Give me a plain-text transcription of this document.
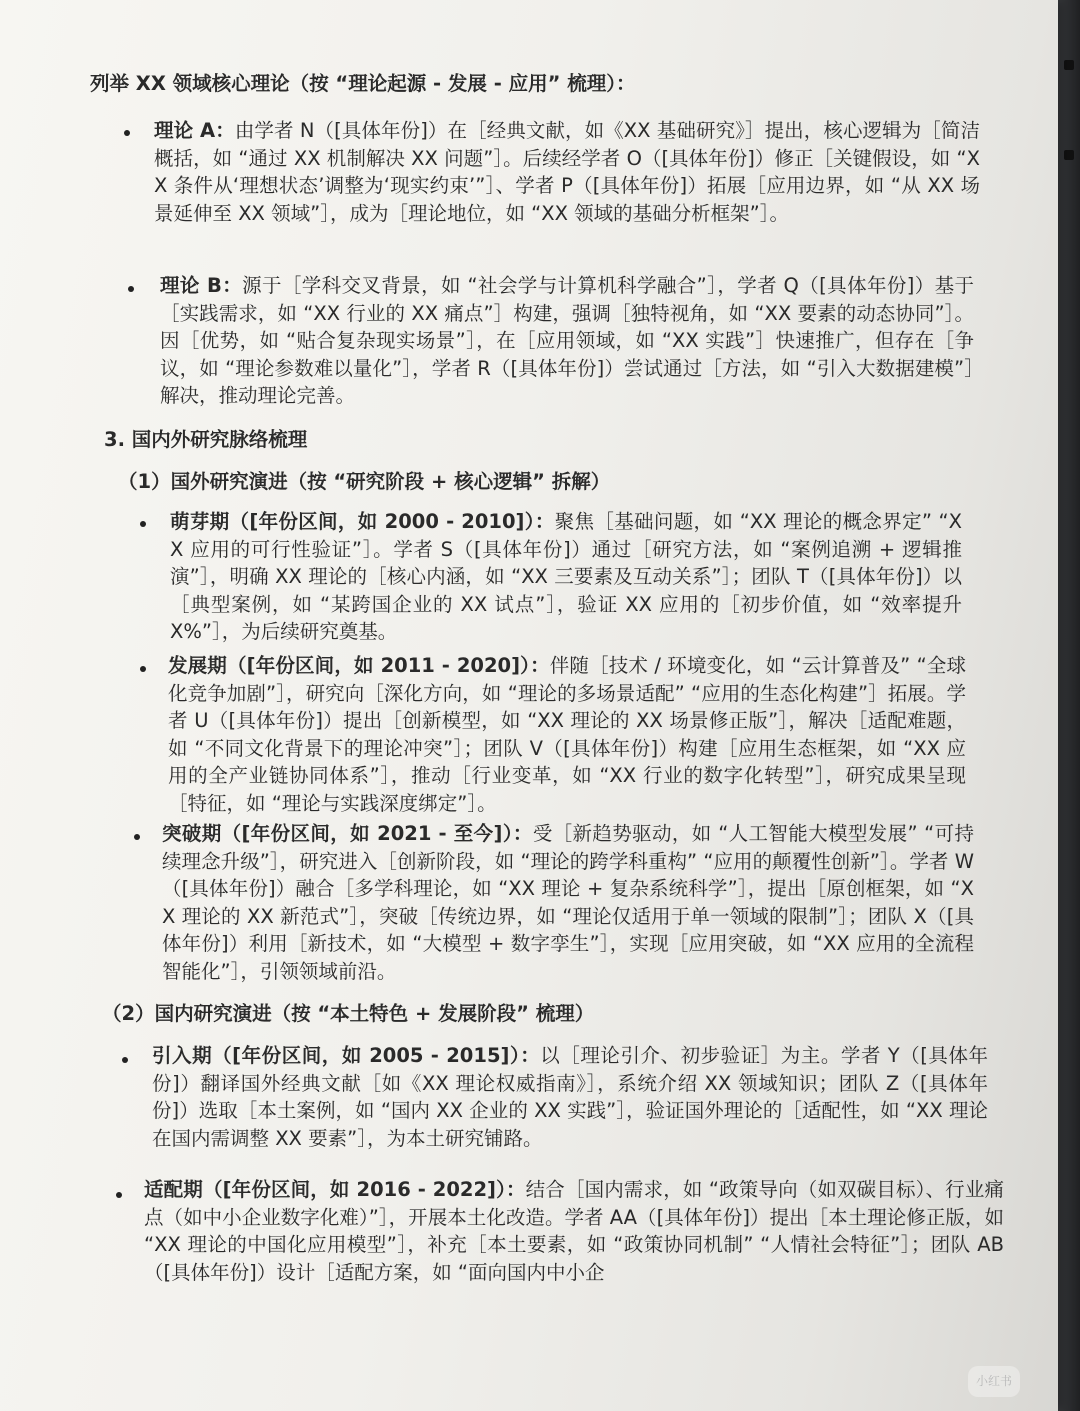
列举 XX 领域核心理论（按 “理论起源 - 发展 - 应用” 梳理）：
理论 A：由学者 N（[具体年份]）在［经典文献，如《XX 基础研究》］提出，核心逻辑为［简洁概括，如 “通过 XX 机制解决 XX 问题”］。后续经学者 O（[具体年份]）修正［关键假设，如 “XX 条件从‘理想状态’调整为‘现实约束’”］、学者 P（[具体年份]）拓展［应用边界，如 “从 XX 场景延伸至 XX 领域”］，成为［理论地位，如 “XX 领域的基础分析框架”］。
理论 B：源于［学科交叉背景，如 “社会学与计算机科学融合”］，学者 Q（[具体年份]）基于［实践需求，如 “XX 行业的 XX 痛点”］构建，强调［独特视角，如 “XX 要素的动态协同”］。因［优势，如 “贴合复杂现实场景”］，在［应用领域，如 “XX 实践”］快速推广，但存在［争议，如 “理论参数难以量化”］，学者 R（[具体年份]）尝试通过［方法，如 “引入大数据建模”］解决，推动理论完善。
3. 国内外研究脉络梳理
（1）国外研究演进（按 “研究阶段 + 核心逻辑” 拆解）
萌芽期（[年份区间，如 2000 - 2010]）：聚焦［基础问题，如 “XX 理论的概念界定” “XX 应用的可行性验证”］。学者 S（[具体年份]）通过［研究方法，如 “案例追溯 + 逻辑推演”］，明确 XX 理论的［核心内涵，如 “XX 三要素及互动关系”］；团队 T（[具体年份]）以［典型案例，如 “某跨国企业的 XX 试点”］，验证 XX 应用的［初步价值，如 “效率提升 X%”］，为后续研究奠基。
发展期（[年份区间，如 2011 - 2020]）：伴随［技术 / 环境变化，如 “云计算普及” “全球化竞争加剧”］，研究向［深化方向，如 “理论的多场景适配” “应用的生态化构建”］拓展。学者 U（[具体年份]）提出［创新模型，如 “XX 理论的 XX 场景修正版”］，解决［适配难题，如 “不同文化背景下的理论冲突”］；团队 V（[具体年份]）构建［应用生态框架，如 “XX 应用的全产业链协同体系”］，推动［行业变革，如 “XX 行业的数字化转型”］，研究成果呈现［特征，如 “理论与实践深度绑定”］。
突破期（[年份区间，如 2021 - 至今]）：受［新趋势驱动，如 “人工智能大模型发展” “可持续理念升级”］，研究进入［创新阶段，如 “理论的跨学科重构” “应用的颠覆性创新”］。学者 W（[具体年份]）融合［多学科理论，如 “XX 理论 + 复杂系统科学”］，提出［原创框架，如 “XX 理论的 XX 新范式”］，突破［传统边界，如 “理论仅适用于单一领域的限制”］；团队 X（[具体年份]）利用［新技术，如 “大模型 + 数字孪生”］，实现［应用突破，如 “XX 应用的全流程智能化”］，引领领域前沿。
（2）国内研究演进（按 “本土特色 + 发展阶段” 梳理）
引入期（[年份区间，如 2005 - 2015]）：以［理论引介、初步验证］为主。学者 Y（[具体年份]）翻译国外经典文献［如《XX 理论权威指南》］，系统介绍 XX 领域知识；团队 Z（[具体年份]）选取［本土案例，如 “国内 XX 企业的 XX 实践”］，验证国外理论的［适配性，如 “XX 理论在国内需调整 XX 要素”］，为本土研究铺路。
适配期（[年份区间，如 2016 - 2022]）：结合［国内需求，如 “政策导向（如双碳目标）、行业痛点（如中小企业数字化难）”］，开展本土化改造。学者 AA（[具体年份]）提出［本土理论修正版，如 “XX 理论的中国化应用模型”］，补充［本土要素，如 “政策协同机制” “人情社会特征”］；团队 AB（[具体年份]）设计［适配方案，如 “面向国内中小企
小红书
